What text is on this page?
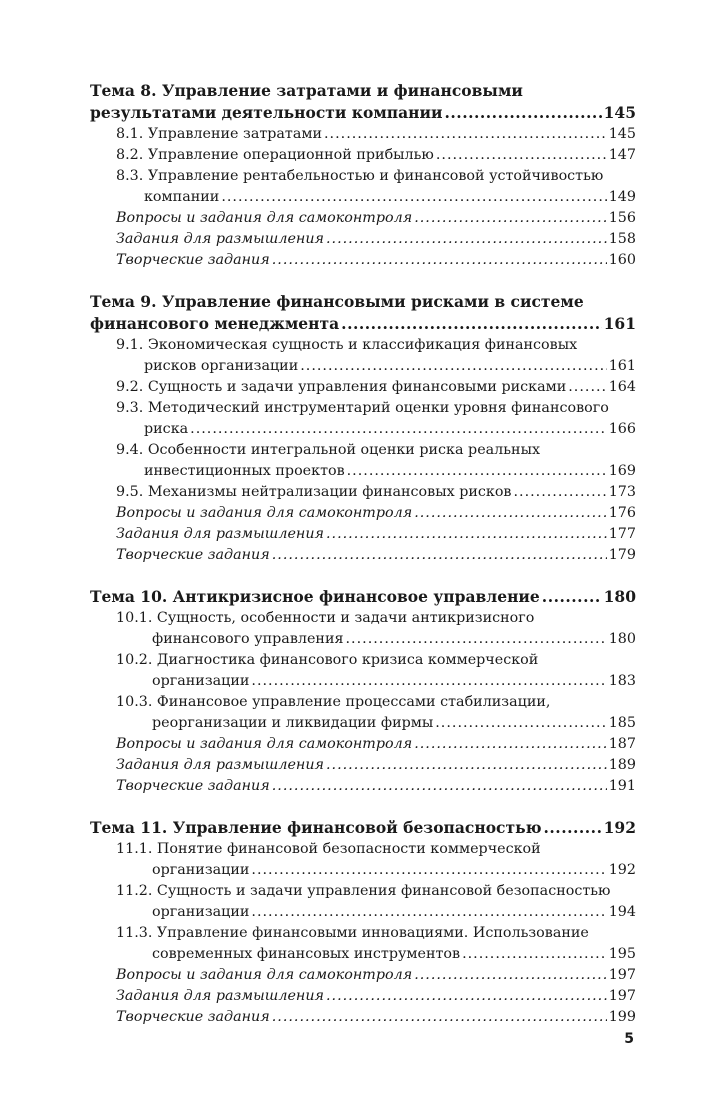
Тема 8. Управление затратами и финансовыми
результатами деятельности компании .....	145
8.1. Управление затратами .....	145
8.2. Управление операционной прибылью .....	147
8.3. Управление рентабельностью и финансовой устойчивостью
компании .....	149
Вопросы и задания для самоконтроля .....	156
Задания для размышления .....	158
Творческие задания .....	160
Тема 9. Управление финансовыми рисками в системе
финансового менеджмента .....	161
9.1. Экономическая сущность и классификация финансовых
рисков организации .....	161
9.2. Сущность и задачи управления финансовыми рисками .....	164
9.3. Методический инструментарий оценки уровня финансового
риска .....	166
9.4. Особенности интегральной оценки риска реальных
инвестиционных проектов .....	169
9.5. Механизмы нейтрализации финансовых рисков .....	173
Вопросы и задания для самоконтроля .....	176
Задания для размышления .....	177
Творческие задания .....	179
Тема 10. Антикризисное финансовое управление .....	180
10.1. Сущность, особенности и задачи антикризисного
финансового управления .....	180
10.2. Диагностика финансового кризиса коммерческой
организации .....	183
10.3. Финансовое управление процессами стабилизации,
реорганизации и ликвидации фирмы .....	185
Вопросы и задания для самоконтроля .....	187
Задания для размышления .....	189
Творческие задания .....	191
Тема 11. Управление финансовой безопасностью .....	192
11.1. Понятие финансовой безопасности коммерческой
организации .....	192
11.2. Сущность и задачи управления финансовой безопасностью
организации .....	194
11.3. Управление финансовыми инновациями. Использование
современных финансовых инструментов .....	195
Вопросы и задания для самоконтроля .....	197
Задания для размышления .....	197
Творческие задания .....	199
5
